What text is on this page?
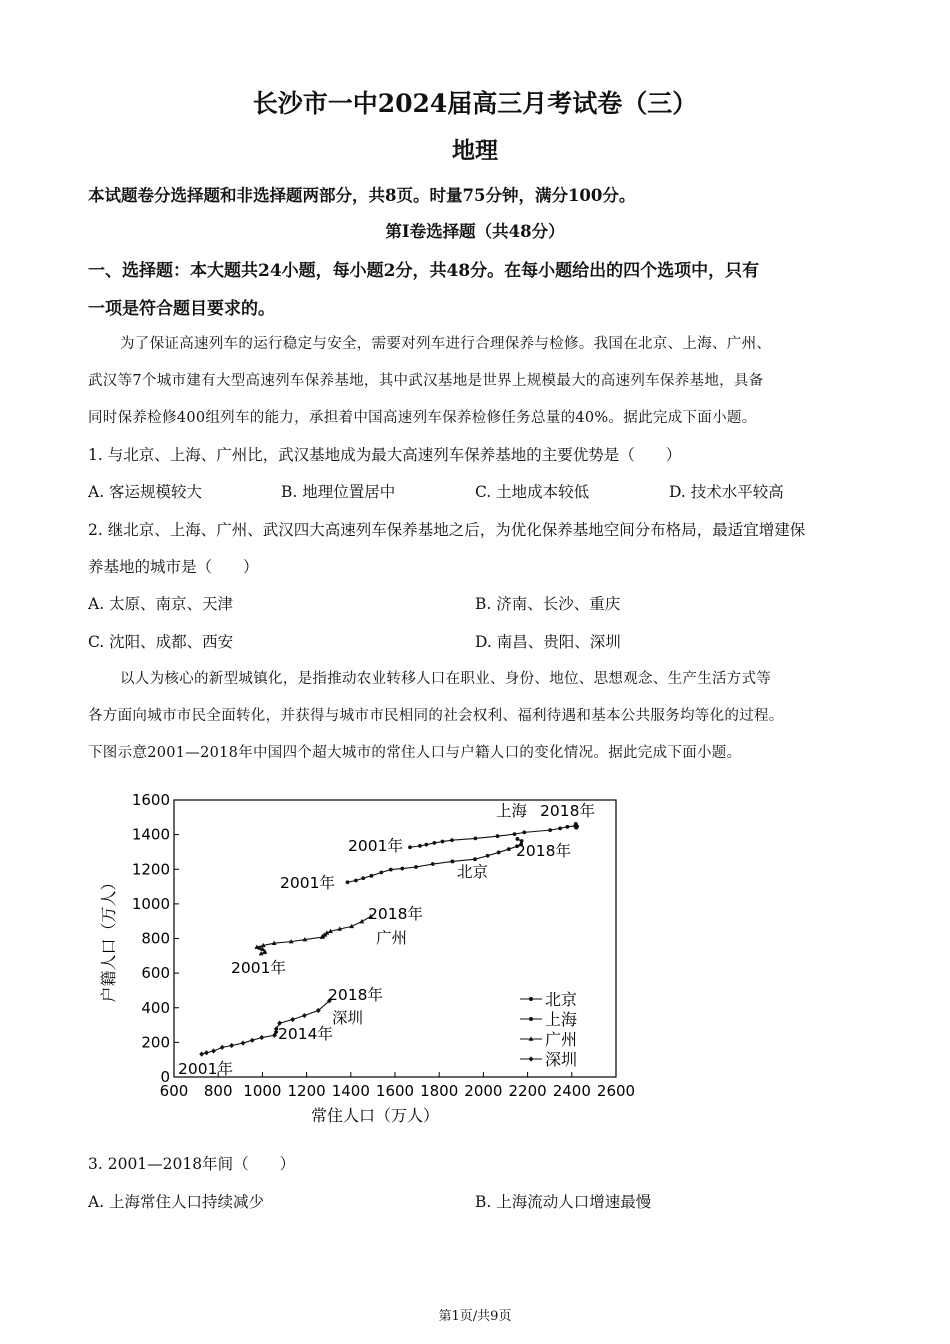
长沙市一中2024届高三月考试卷（三）
地理
本试题卷分选择题和非选择题两部分，共8页。时量75分钟，满分100分。
第Ⅰ卷选择题（共48分）
一、选择题：本大题共24小题，每小题2分，共48分。在每小题给出的四个选项中，只有
一项是符合题目要求的。
为了保证高速列车的运行稳定与安全，需要对列车进行合理保养与检修。我国在北京、上海、广州、
武汉等7个城市建有大型高速列车保养基地，其中武汉基地是世界上规模最大的高速列车保养基地，具备
同时保养检修400组列车的能力，承担着中国高速列车保养检修任务总量的40%。据此完成下面小题。
1. 与北京、上海、广州比，武汉基地成为最大高速列车保养基地的主要优势是（　　）
A. 客运规模较大	B. 地理位置居中	C. 土地成本较低	D. 技术水平较高
2. 继北京、上海、广州、武汉四大高速列车保养基地之后，为优化保养基地空间分布格局，最适宜增建保
养基地的城市是（　　）
A. 太原、南京、天津	B. 济南、长沙、重庆
C. 沈阳、成都、西安	D. 南昌、贵阳、深圳
以人为核心的新型城镇化，是指推动农业转移人口在职业、身份、地位、思想观念、生产生活方式等
各方面向城市市民全面转化，并获得与城市市民相同的社会权利、福利待遇和基本公共服务均等化的过程。
下图示意2001—2018年中国四个超大城市的常住人口与户籍人口的变化情况。据此完成下面小题。
600 800 1000 1200 1400 1600 1800 2000 2200 2400 2600
0
200
400
600
800
1000
1200
1400
1600
常住人口（万人）
户籍人口（万人）	2001年
2018年
北京
2001年
上海 2018年
2018年
广州
2001年
2018年
深圳
2014年
2001年
北京
上海
广州
深圳
3. 2001—2018年间（　　）
A. 上海常住人口持续减少	B. 上海流动人口增速最慢
第1页/共9页
